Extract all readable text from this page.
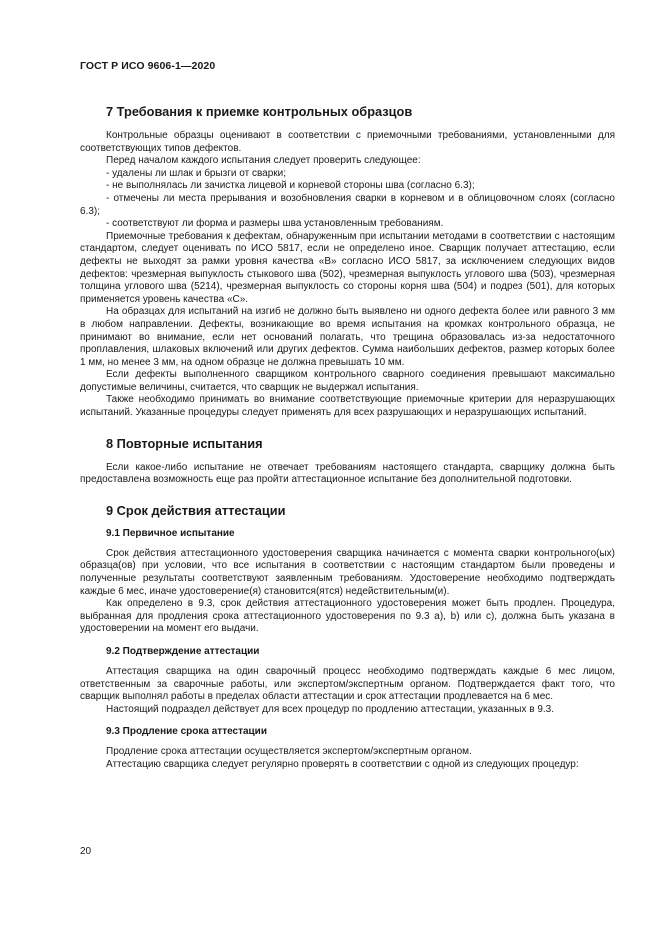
ГОСТ Р ИСО 9606-1—2020
7 Требования к приемке контрольных образцов

Контрольные образцы оценивают в соответствии с приемочными требованиями, установленными для соответствующих типов дефектов.

Перед началом каждого испытания следует проверить следующее:

- удалены ли шлак и брызги от сварки;

- не выполнялась ли зачистка лицевой и корневой стороны шва (согласно 6.3);

- отмечены ли места прерывания и возобновления сварки в корневом и в облицовочном слоях (согласно 6.3);

- соответствуют ли форма и размеры шва установленным требованиям.

Приемочные требования к дефектам, обнаруженным при испытании методами в соответствии с настоящим стандартом, следует оценивать по ИСО 5817, если не определено иное. Сварщик получает аттестацию, если дефекты не выходят за рамки уровня качества «B» согласно ИСО 5817, за исключением следующих видов дефектов: чрезмерная выпуклость стыкового шва (502), чрезмерная выпуклость углового шва (503), чрезмерная толщина углового шва (5214), чрезмерная выпуклость со стороны корня шва (504) и подрез (501), для которых применяется уровень качества «C».

На образцах для испытаний на изгиб не должно быть выявлено ни одного дефекта более или равного 3 мм в любом направлении. Дефекты, возникающие во время испытания на кромках контрольного образца, не принимают во внимание, если нет оснований полагать, что трещина образовалась из-за недостаточного проплавления, шлаковых включений или других дефектов. Сумма наибольших дефектов, размер которых более 1 мм, но менее 3 мм, на одном образце не должна превышать 10 мм.

Если дефекты выполненного сварщиком контрольного сварного соединения превышают максимально допустимые величины, считается, что сварщик не выдержал испытания.

Также необходимо принимать во внимание соответствующие приемочные критерии для неразрушающих испытаний. Указанные процедуры следует применять для всех разрушающих и неразрушающих испытаний.

8 Повторные испытания

Если какое-либо испытание не отвечает требованиям настоящего стандарта, сварщику должна быть предоставлена возможность еще раз пройти аттестационное испытание без дополнительной подготовки.

9 Срок действия аттестации
9.1 Первичное испытание

Срок действия аттестационного удостоверения сварщика начинается с момента сварки контрольного(ых) образца(ов) при условии, что все испытания в соответствии с настоящим стандартом были проведены и полученные результаты соответствуют заявленным требованиям. Удостоверение необходимо подтверждать каждые 6 мес, иначе удостоверение(я) становится(ятся) недействительным(и).

Как определено в 9.3, срок действия аттестационного удостоверения может быть продлен. Процедура, выбранная для продления срока аттестационного удостоверения по 9.3 a), b) или c), должна быть указана в удостоверении на момент его выдачи.

9.2 Подтверждение аттестации

Аттестация сварщика на один сварочный процесс необходимо подтверждать каждые 6 мес лицом, ответственным за сварочные работы, или экспертом/экспертным органом. Подтверждается факт того, что сварщик выполнял работы в пределах области аттестации и срок аттестации продлевается на 6 мес.

Настоящий подраздел действует для всех процедур по продлению аттестации, указанных в 9.3.

9.3 Продление срока аттестации

Продление срока аттестации осуществляется экспертом/экспертным органом.

Аттестацию сварщика следует регулярно проверять в соответствии с одной из следующих процедур:

20
